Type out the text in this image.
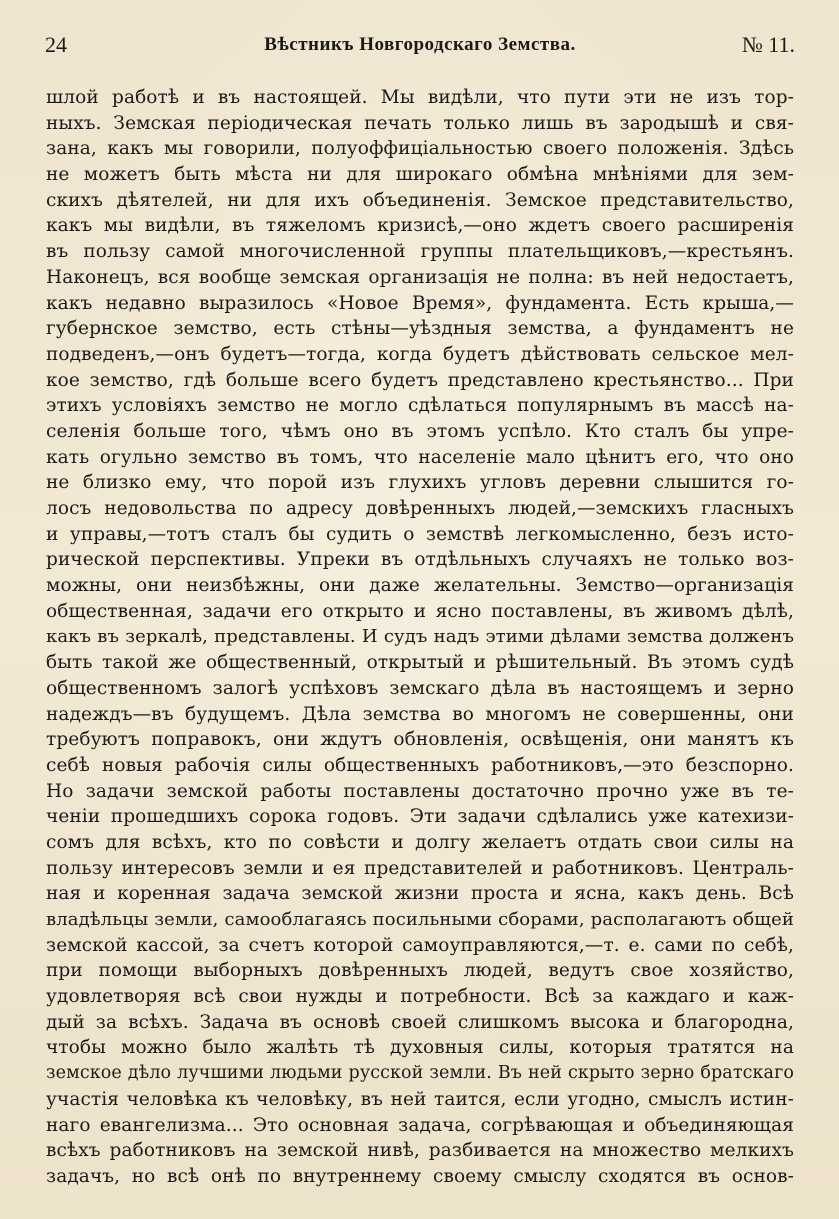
24	Вѣстникъ Новгородскаго Земства.	№ 11.
шлой работѣ и въ настоящей. Мы видѣли, что пути эти не изъ тор-
ныхъ. Земская періодическая печать только лишь въ зародышѣ и свя-
зана, какъ мы говорили, полуоффиціальностью своего положенія. Здѣсь
не можетъ быть мѣста ни для широкаго обмѣна мнѣніями для зем-
скихъ дѣятелей, ни для ихъ объединенія. Земское представительство,
какъ мы видѣли, въ тяжеломъ кризисѣ,—оно ждетъ своего расширенія
въ пользу самой многочисленной группы плательщиковъ,—крестьянъ.
Наконецъ, вся вообще земская организація не полна: въ ней недостаетъ,
какъ недавно выразилось «Новое Время», фундамента. Есть крыша,—
губернское земство, есть стѣны—уѣздныя земства, а фундаментъ не
подведенъ,—онъ будетъ—тогда, когда будетъ дѣйствовать сельское мел-
кое земство, гдѣ больше всего будетъ представлено крестьянство... При
этихъ условіяхъ земство не могло сдѣлаться популярнымъ въ массѣ на-
селенія больше того, чѣмъ оно въ этомъ успѣло. Кто сталъ бы упре-
кать огульно земство въ томъ, что населеніе мало цѣнитъ его, что оно
не близко ему, что порой изъ глухихъ угловъ деревни слышится го-
лосъ недовольства по адресу довѣренныхъ людей,—земскихъ гласныхъ
и управы,—тотъ сталъ бы судить о земствѣ легкомысленно, безъ исто-
рической перспективы. Упреки въ отдѣльныхъ случаяхъ не только воз-
можны, они неизбѣжны, они даже желательны. Земство—организація
общественная, задачи его открыто и ясно поставлены, въ живомъ дѣлѣ,
какъ въ зеркалѣ, представлены. И судъ надъ этими дѣлами земства долженъ
быть такой же общественный, открытый и рѣшительный. Въ этомъ судѣ
общественномъ залогѣ успѣховъ земскаго дѣла въ настоящемъ и зерно
надеждъ—въ будущемъ. Дѣла земства во многомъ не совершенны, они
требуютъ поправокъ, они ждутъ обновленія, освѣщенія, они манятъ къ
себѣ новыя рабочія силы общественныхъ работниковъ,—это безспорно.
Но задачи земской работы поставлены достаточно прочно уже въ те-
ченіи прошедшихъ сорока годовъ. Эти задачи сдѣлались уже катехизи-
сомъ для всѣхъ, кто по совѣсти и долгу желаетъ отдать свои силы на
пользу интересовъ земли и ея представителей и работниковъ. Централь-
ная и коренная задача земской жизни проста и ясна, какъ день. Всѣ
владѣльцы земли, самооблагаясь посильными сборами, располагаютъ общей
земской кассой, за счетъ которой самоуправляются,—т. е. сами по себѣ,
при помощи выборныхъ довѣренныхъ людей, ведутъ свое хозяйство,
удовлетворяя всѣ свои нужды и потребности. Всѣ за каждаго и каж-
дый за всѣхъ. Задача въ основѣ своей слишкомъ высока и благородна,
чтобы можно было жалѣть тѣ духовныя силы, которыя тратятся на
земское дѣло лучшими людьми русской земли. Въ ней скрыто зерно братскаго
участія человѣка къ человѣку, въ ней таится, если угодно, смыслъ истин-
наго евангелизма... Это основная задача, согрѣвающая и объединяющая
всѣхъ работниковъ на земской нивѣ, разбивается на множество мелкихъ
задачъ, но всѣ онѣ по внутреннему своему смыслу сходятся въ основ-
